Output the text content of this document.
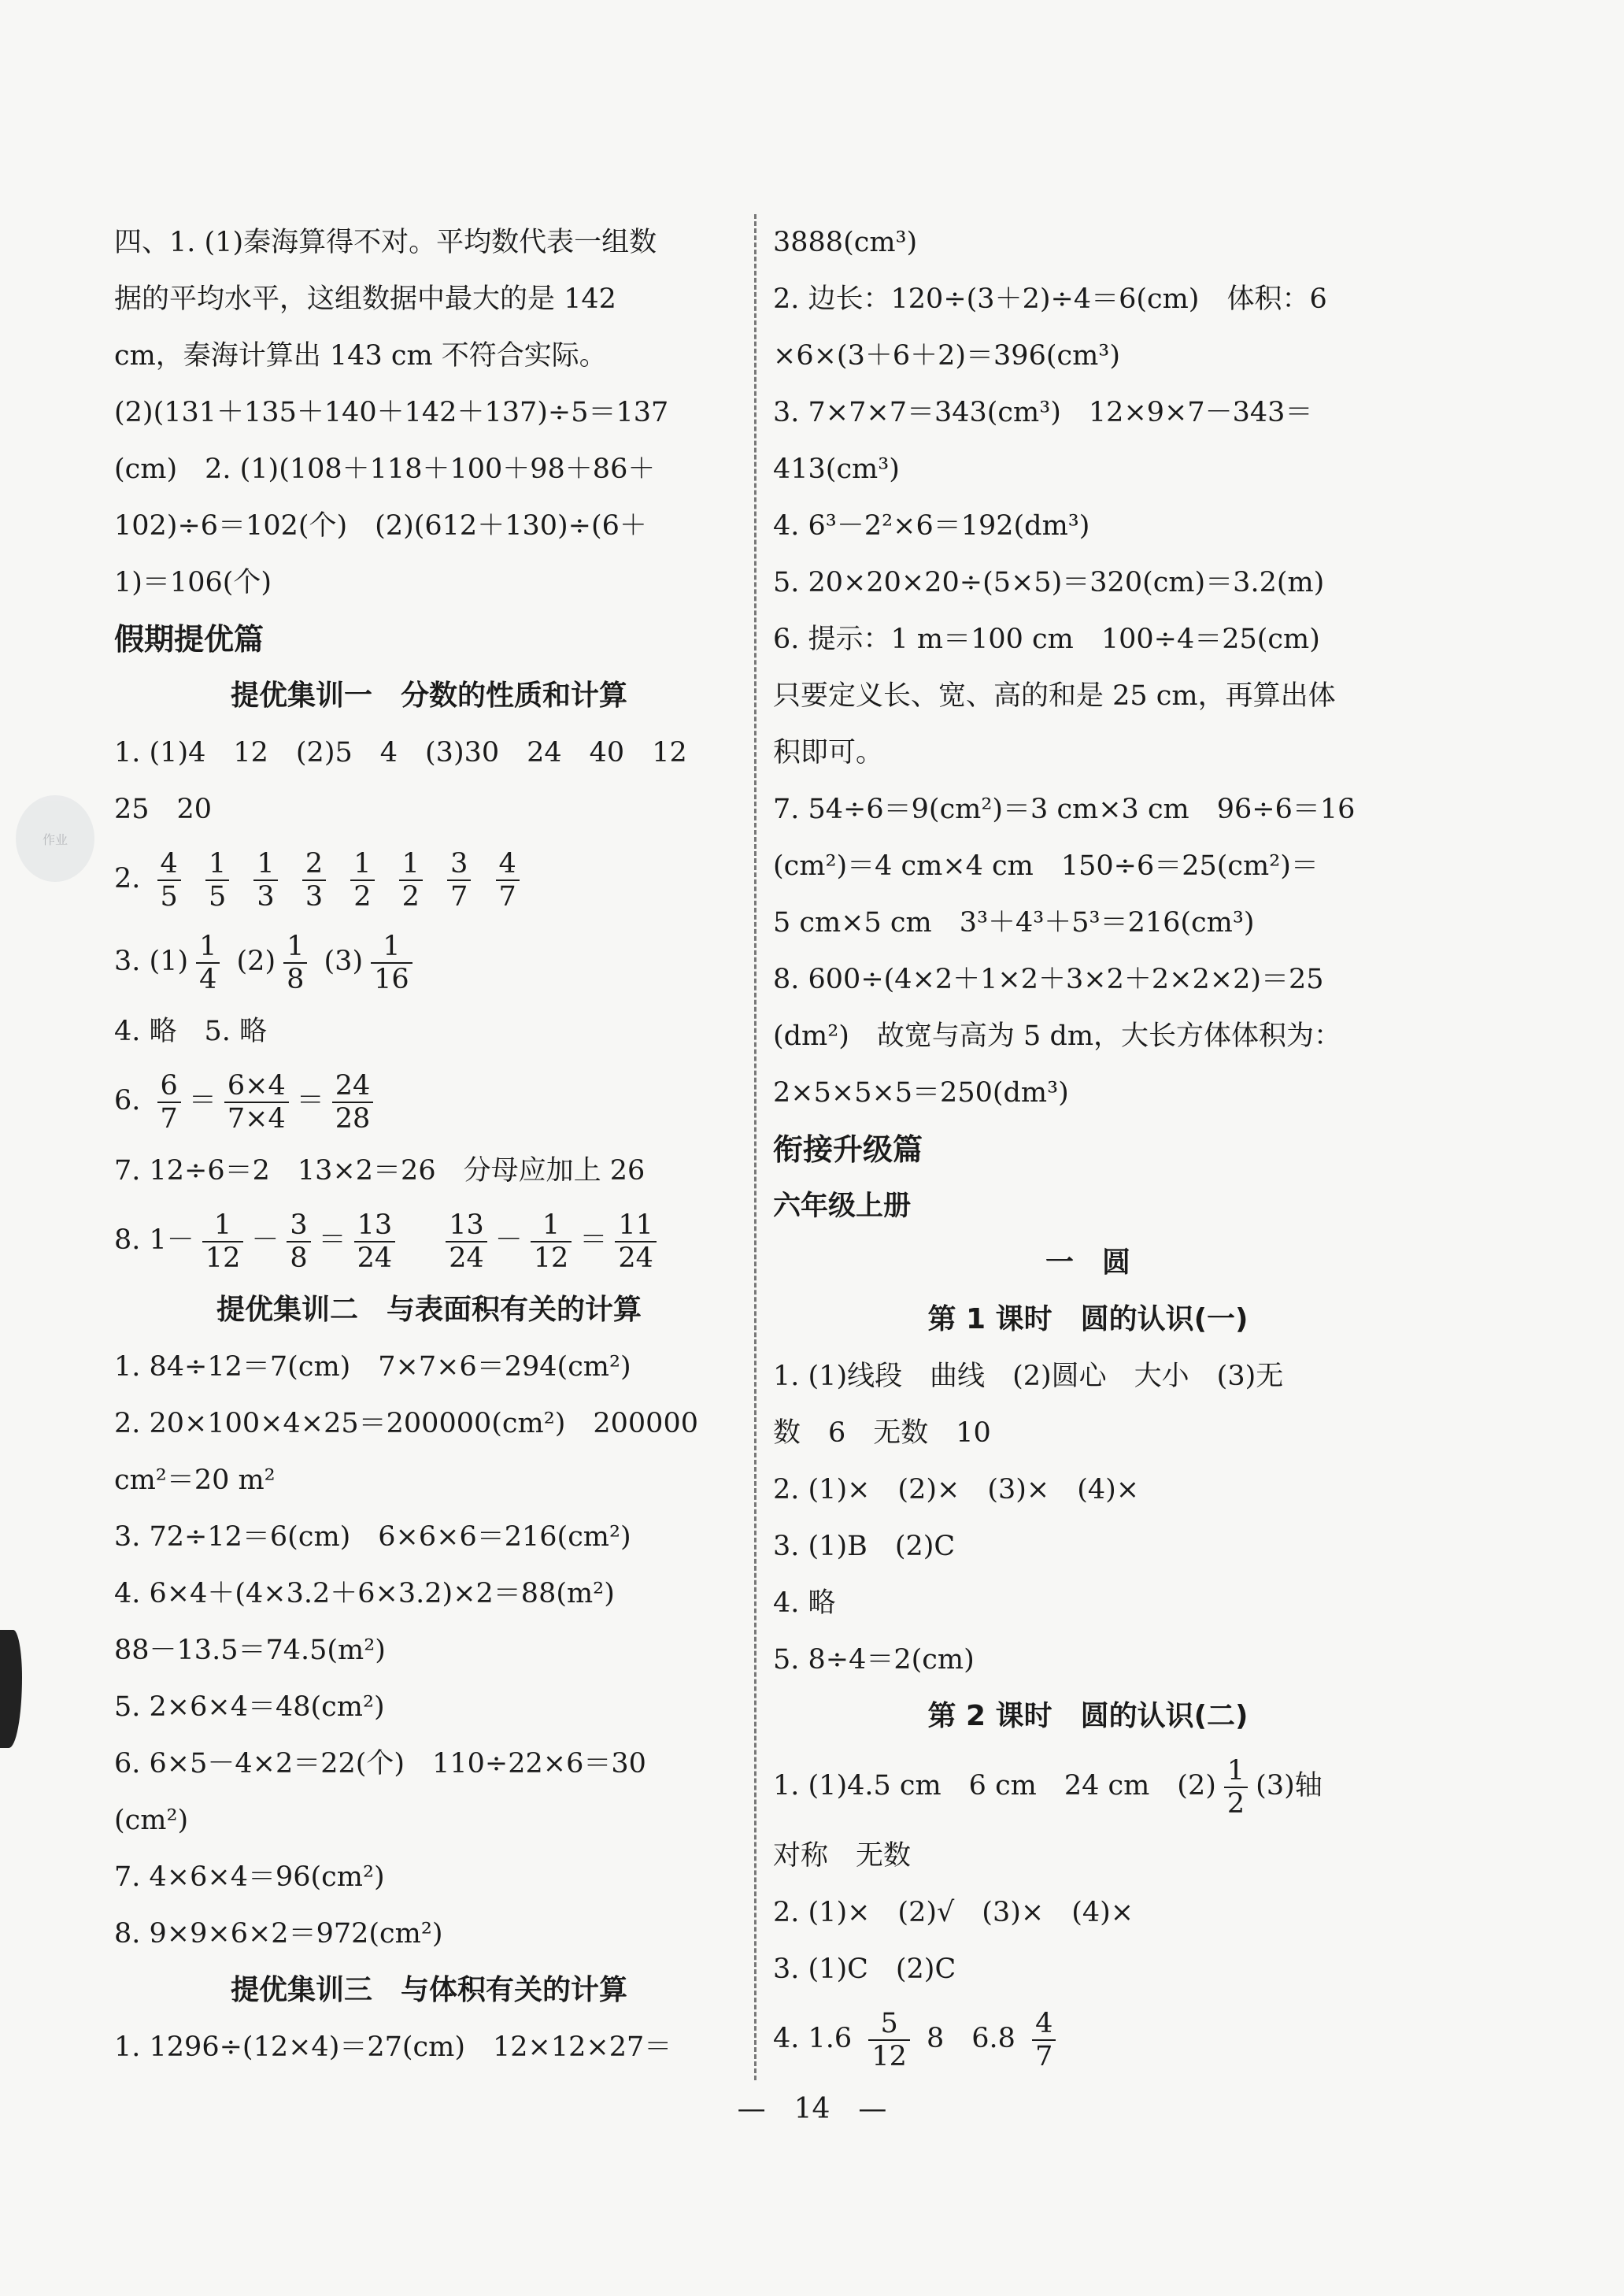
作业
四、1. (1)秦海算得不对。平均数代表一组数
据的平均水平，这组数据中最大的是 142
cm，秦海计算出 143 cm 不符合实际。
(2)(131＋135＋140＋142＋137)÷5＝137
(cm)　2. (1)(108＋118＋100＋98＋86＋
102)÷6＝102(个)　(2)(612＋130)÷(6＋
1)＝106(个)
假期提优篇
提优集训一　分数的性质和计算
1. (1)4　12　(2)5　4　(3)30　24　40　12
25　20
2. $\frac{4}{5}$
$\frac{1}{5}$
$\frac{1}{3}$
$\frac{2}{3}$
$\frac{1}{2}$
$\frac{1}{2}$
$\frac{3}{7}$
$\frac{4}{7}$
3. $(1) \frac{1}{4} (2) \frac{1}{8} (3) \frac{1}{16}$
4. 略　5. 略
6. $\frac{6}{7} = \frac{6\times 4}{7\times 4} = \frac{24}{28}$
7. 12÷6＝2　13×2＝26　分母应加上 26
8. $1- \frac{1}{12} - \frac{3}{8} = \frac{13}{24} \frac{13}{24} - \frac{1}{12} = \frac{11}{24}$
提优集训二　与表面积有关的计算
1. 84÷12＝7(cm)　7×7×6＝294(cm²)
2. 20×100×4×25＝200000(cm²)　200000
cm²＝20 m²
3. 72÷12＝6(cm)　6×6×6＝216(cm²)
4. 6×4＋(4×3.2＋6×3.2)×2＝88(m²)
88－13.5＝74.5(m²)
5. 2×6×4＝48(cm²)
6. 6×5－4×2＝22(个)　110÷22×6＝30
(cm²)
7. 4×6×4＝96(cm²)
8. 9×9×6×2＝972(cm²)
提优集训三　与体积有关的计算
1. 1296÷(12×4)＝27(cm)　12×12×27＝
3888(cm³)
2. 边长：120÷(3＋2)÷4＝6(cm)　体积：6
×6×(3＋6＋2)＝396(cm³)
3. 7×7×7＝343(cm³)　12×9×7－343＝
413(cm³)
4. 6³－2²×6＝192(dm³)
5. 20×20×20÷(5×5)＝320(cm)＝3.2(m)
6. 提示：1 m＝100 cm　100÷4＝25(cm)
只要定义长、宽、高的和是 25 cm，再算出体
积即可。
7. 54÷6＝9(cm²)＝3 cm×3 cm　96÷6＝16
(cm²)＝4 cm×4 cm　150÷6＝25(cm²)＝
5 cm×5 cm　3³＋4³＋5³＝216(cm³)
8. 600÷(4×2＋1×2＋3×2＋2×2×2)＝25
(dm²)　故宽与高为 5 dm，大长方体体积为：
2×5×5×5＝250(dm³)
衔接升级篇
六年级上册
一　圆
第 1 课时　圆的认识(一)
1. (1)线段　曲线　(2)圆心　大小　(3)无
数　6　无数　10
2. (1)×　(2)×　(3)×　(4)×
3. (1)B　(2)C
4. 略
5. 8÷4＝2(cm)
第 2 课时　圆的认识(二)
1. (1)4.5 cm　6 cm　24 cm　$(2) \frac{1}{2} (3)$轴
对称　无数
2. (1)×　(2)√　(3)×　(4)×
3. (1)C　(2)C
4. $1.6 \frac{5}{12} 8$　$6.8 \frac{4}{7}$
—　14　—
